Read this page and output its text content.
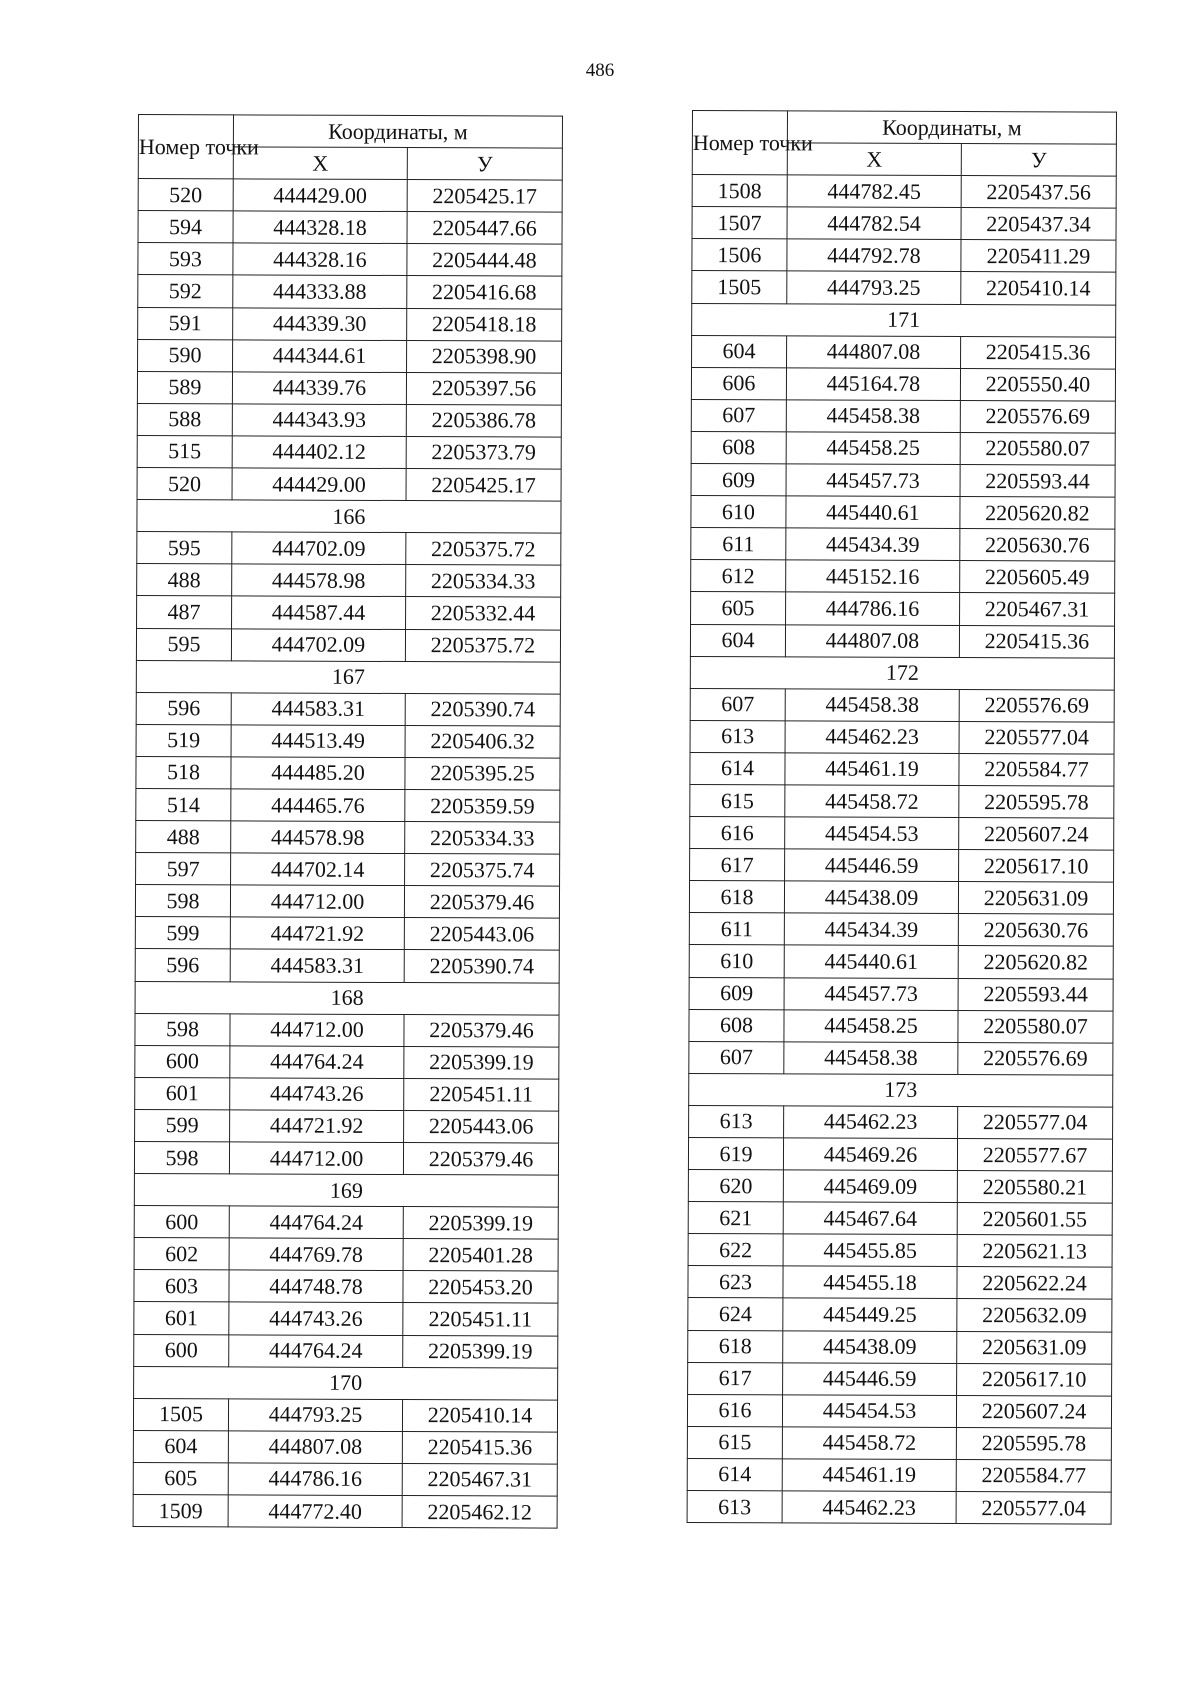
486
Номер точки	Координаты, м	
	Х	У
520	444429.00	2205425.17
594	444328.18	2205447.66
593	444328.16	2205444.48
592	444333.88	2205416.68
591	444339.30	2205418.18
590	444344.61	2205398.90
589	444339.76	2205397.56
588	444343.93	2205386.78
515	444402.12	2205373.79
520	444429.00	2205425.17
166		
595	444702.09	2205375.72
488	444578.98	2205334.33
487	444587.44	2205332.44
595	444702.09	2205375.72
167		
596	444583.31	2205390.74
519	444513.49	2205406.32
518	444485.20	2205395.25
514	444465.76	2205359.59
488	444578.98	2205334.33
597	444702.14	2205375.74
598	444712.00	2205379.46
599	444721.92	2205443.06
596	444583.31	2205390.74
168		
598	444712.00	2205379.46
600	444764.24	2205399.19
601	444743.26	2205451.11
599	444721.92	2205443.06
598	444712.00	2205379.46
169		
600	444764.24	2205399.19
602	444769.78	2205401.28
603	444748.78	2205453.20
601	444743.26	2205451.11
600	444764.24	2205399.19
170		
1505	444793.25	2205410.14
604	444807.08	2205415.36
605	444786.16	2205467.31
1509	444772.40	2205462.12
Номер точки	Координаты, м	
	Х	У
1508	444782.45	2205437.56
1507	444782.54	2205437.34
1506	444792.78	2205411.29
1505	444793.25	2205410.14
171		
604	444807.08	2205415.36
606	445164.78	2205550.40
607	445458.38	2205576.69
608	445458.25	2205580.07
609	445457.73	2205593.44
610	445440.61	2205620.82
611	445434.39	2205630.76
612	445152.16	2205605.49
605	444786.16	2205467.31
604	444807.08	2205415.36
172		
607	445458.38	2205576.69
613	445462.23	2205577.04
614	445461.19	2205584.77
615	445458.72	2205595.78
616	445454.53	2205607.24
617	445446.59	2205617.10
618	445438.09	2205631.09
611	445434.39	2205630.76
610	445440.61	2205620.82
609	445457.73	2205593.44
608	445458.25	2205580.07
607	445458.38	2205576.69
173		
613	445462.23	2205577.04
619	445469.26	2205577.67
620	445469.09	2205580.21
621	445467.64	2205601.55
622	445455.85	2205621.13
623	445455.18	2205622.24
624	445449.25	2205632.09
618	445438.09	2205631.09
617	445446.59	2205617.10
616	445454.53	2205607.24
615	445458.72	2205595.78
614	445461.19	2205584.77
613	445462.23	2205577.04
